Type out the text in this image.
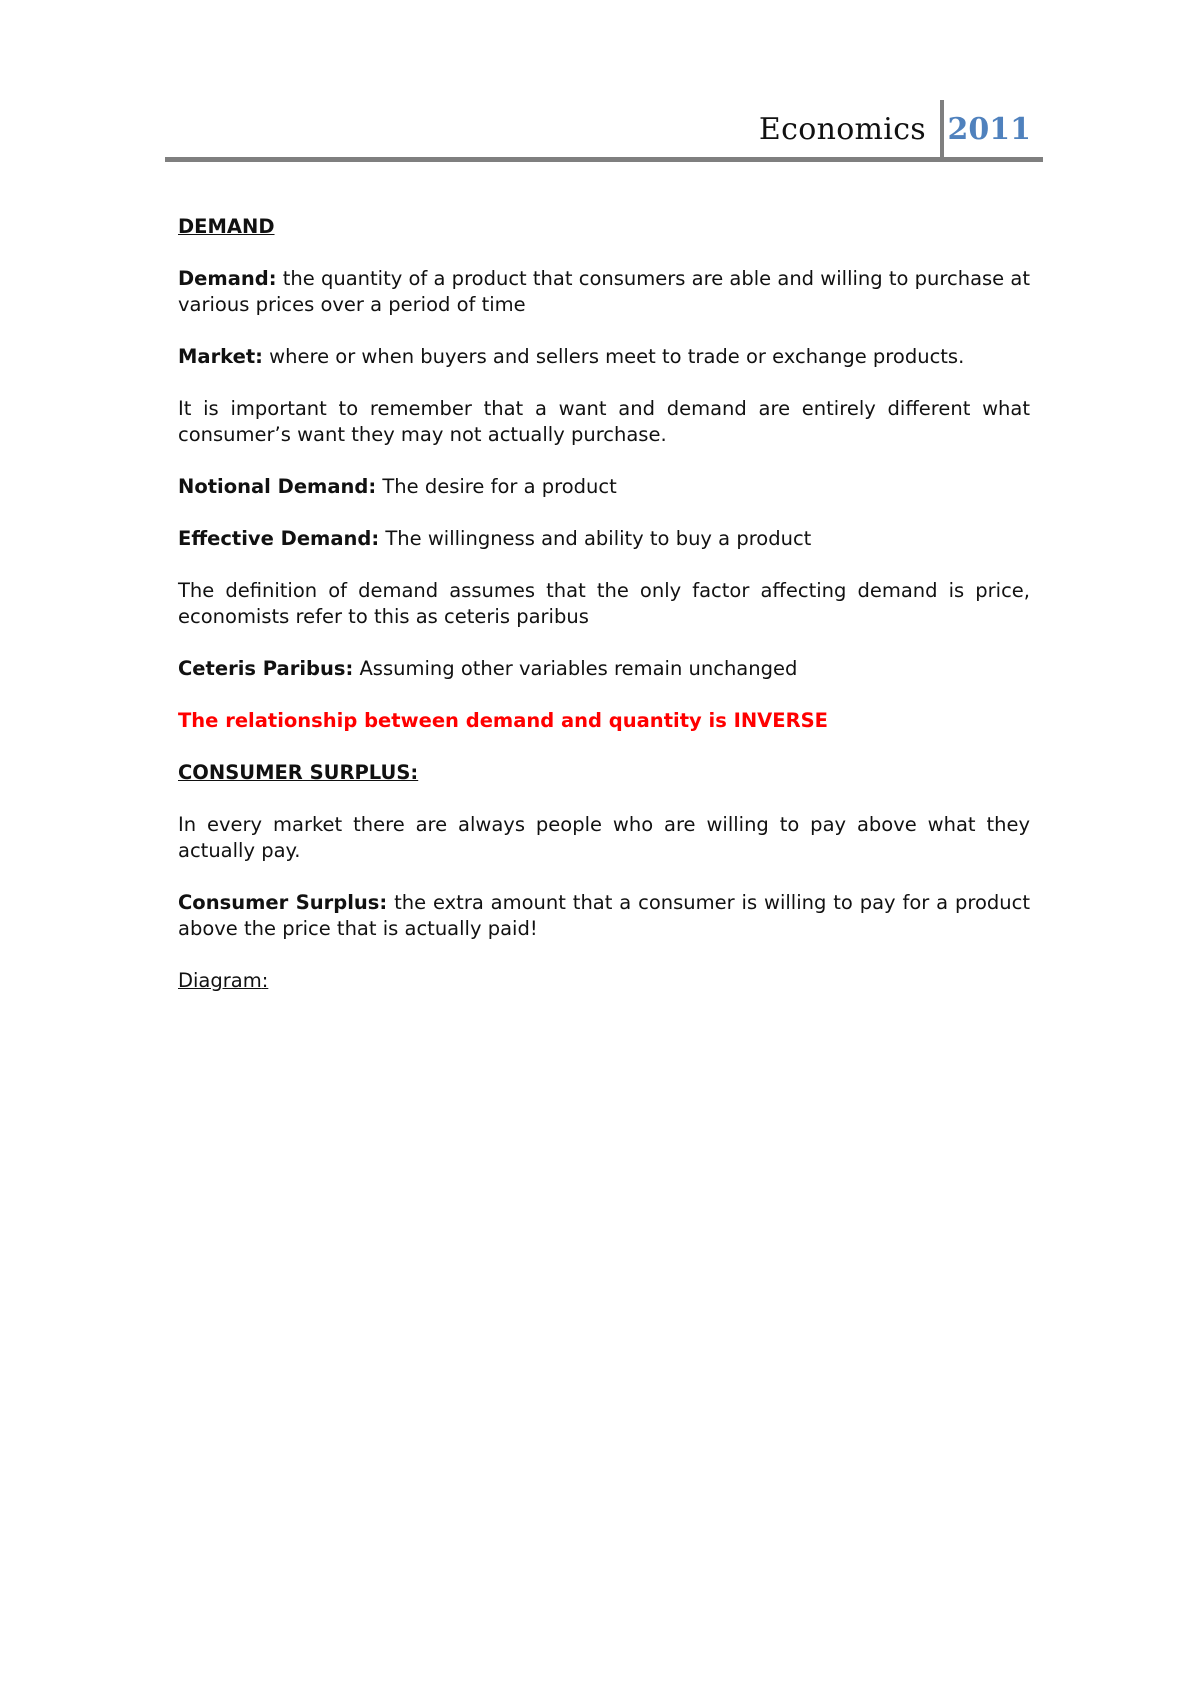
Economics 2011

DEMAND

Demand: the quantity of a product that consumers are able and willing to purchase at various prices over a period of time

Market: where or when buyers and sellers meet to trade or exchange products.

It is important to remember that a want and demand are entirely different what consumer’s want they may not actually purchase.

Notional Demand: The desire for a product

Effective Demand: The willingness and ability to buy a product

The definition of demand assumes that the only factor affecting demand is price, economists refer to this as ceteris paribus

Ceteris Paribus: Assuming other variables remain unchanged

The relationship between demand and quantity is INVERSE

CONSUMER SURPLUS:

In every market there are always people who are willing to pay above what they actually pay.

Consumer Surplus: the extra amount that a consumer is willing to pay for a product above the price that is actually paid!

Diagram:
